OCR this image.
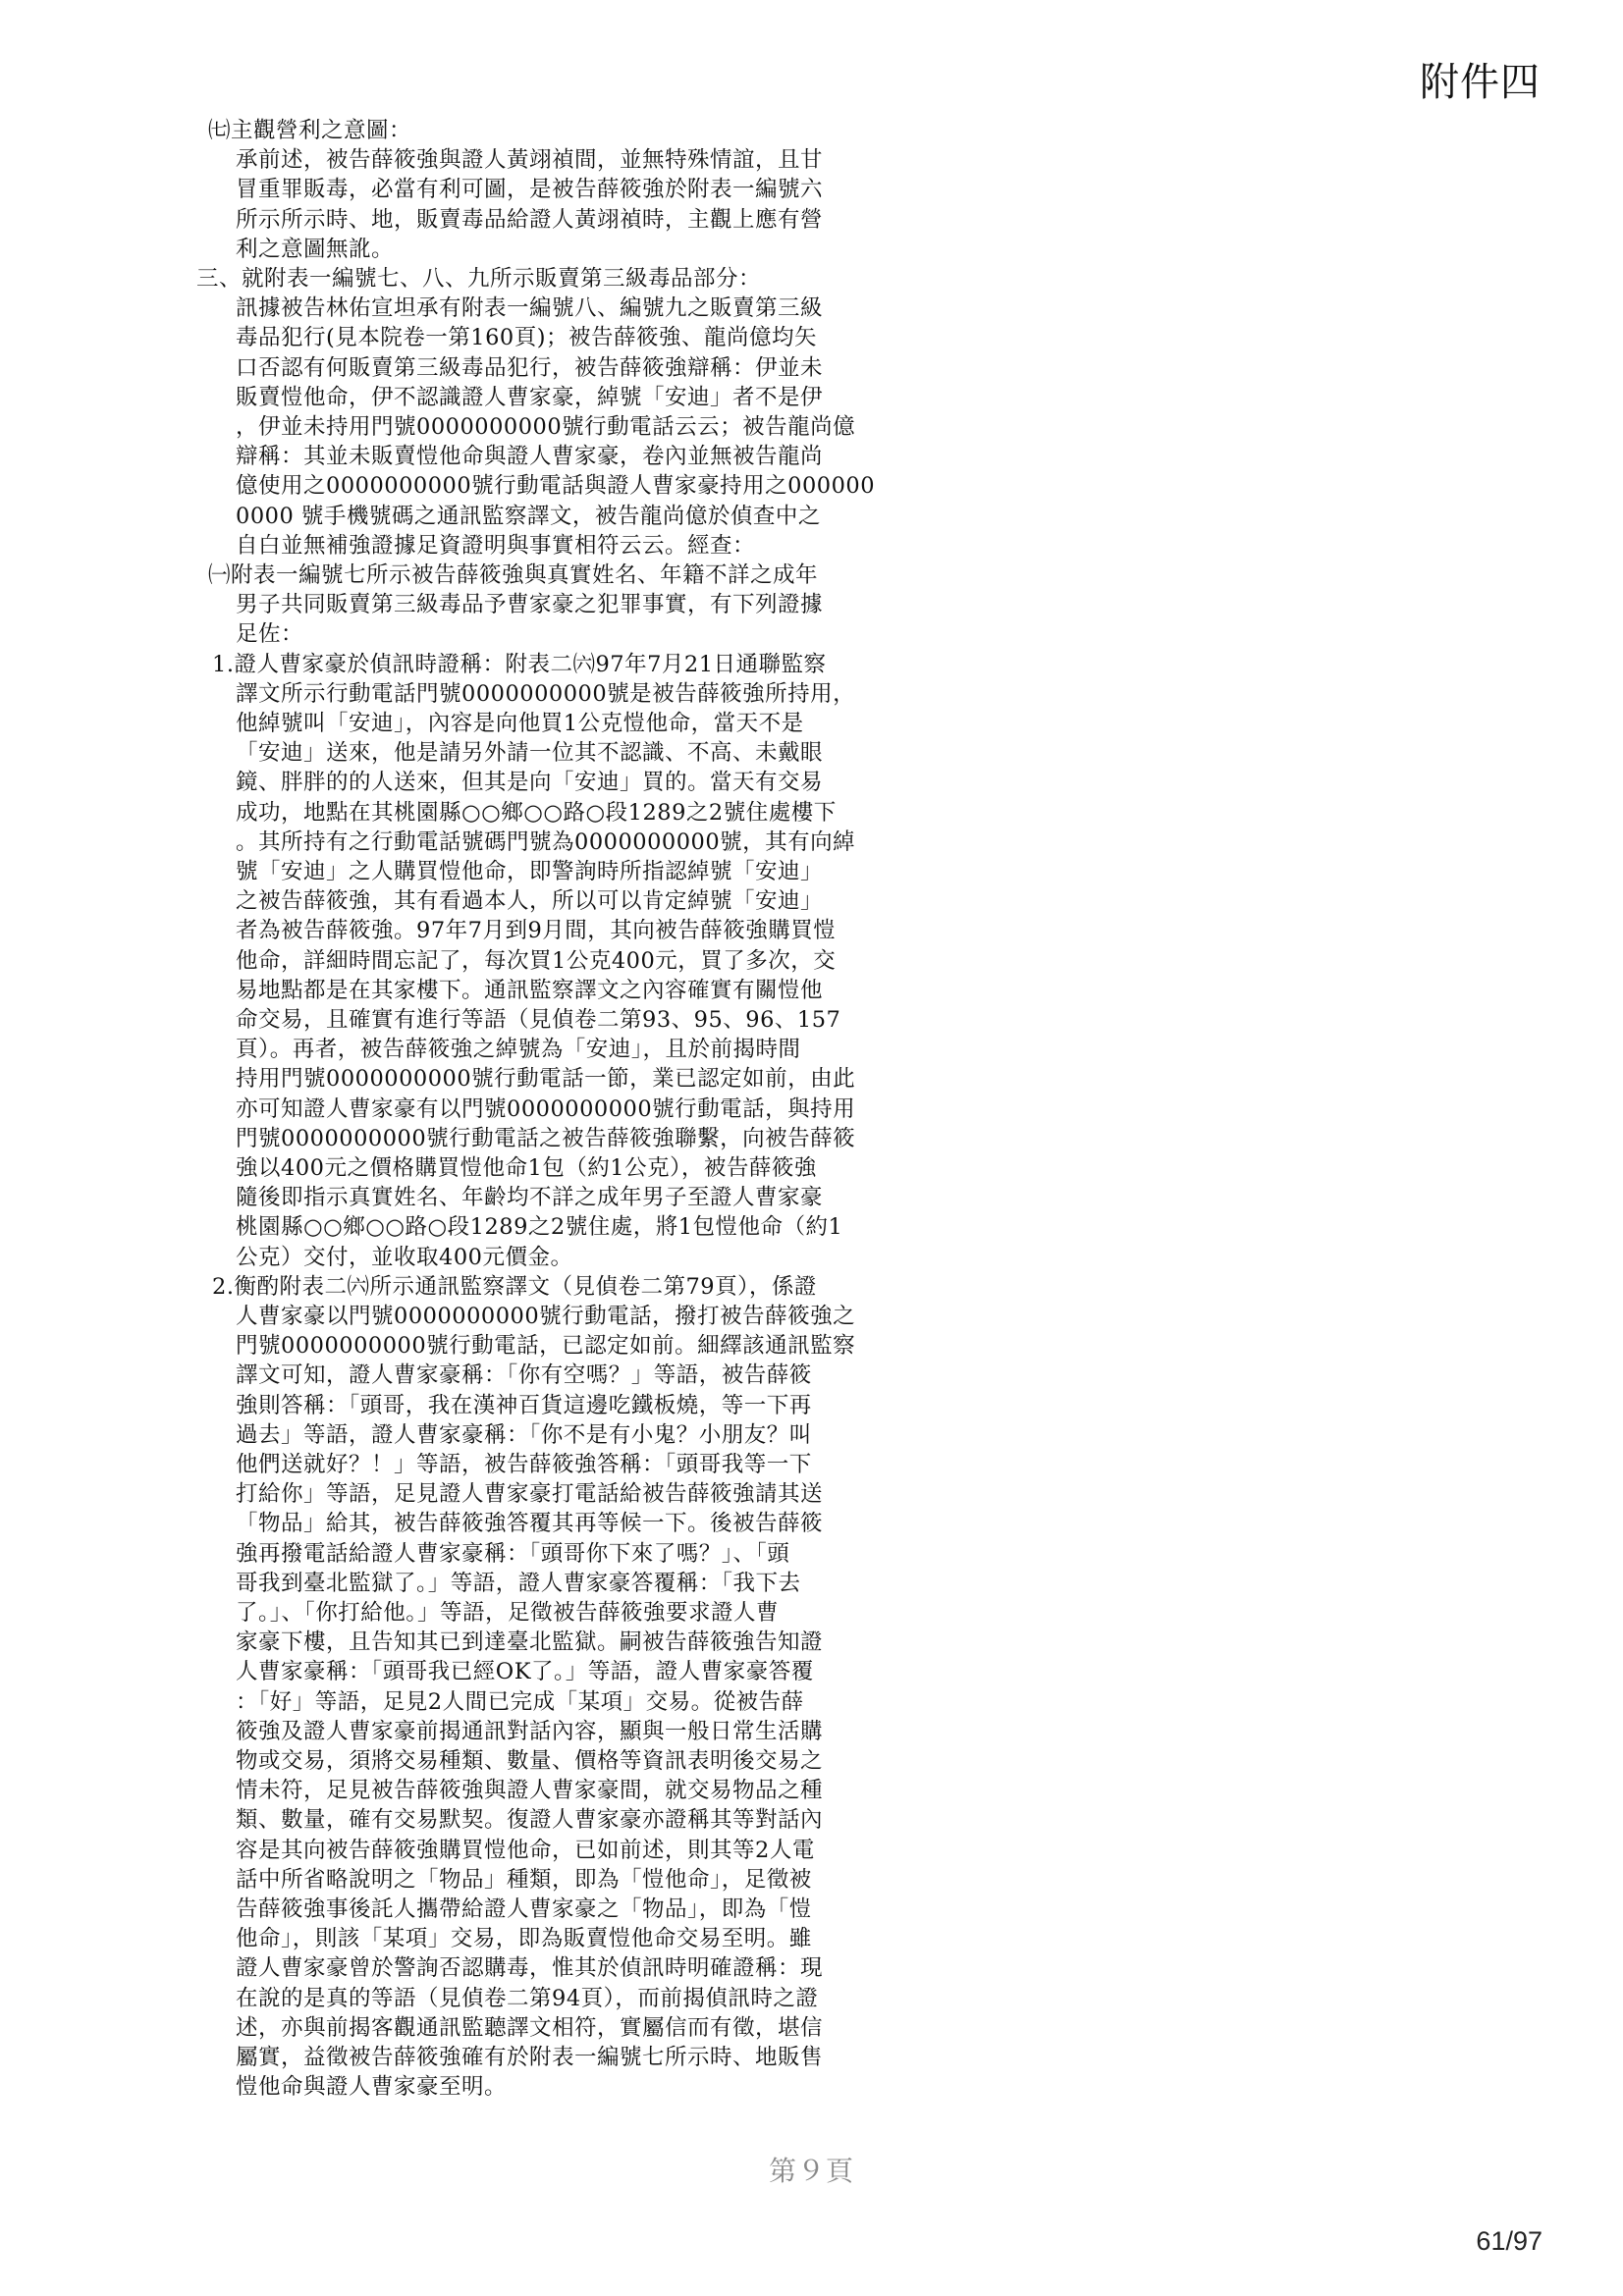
附件四
㈦主觀營利之意圖：
承前述，被告薛筱強與證人黃翊禎間，並無特殊情誼，且甘
冒重罪販毒，必當有利可圖，是被告薛筱強於附表一編號六
所示所示時、地，販賣毒品給證人黃翊禎時，主觀上應有營
利之意圖無訛。
三、就附表一編號七、八、九所示販賣第三級毒品部分：
訊據被告林佑宣坦承有附表一編號八、編號九之販賣第三級
毒品犯行(見本院卷一第160頁)；被告薛筱強、龍尚億均矢
口否認有何販賣第三級毒品犯行，被告薛筱強辯稱：伊並未
販賣愷他命，伊不認識證人曹家豪，綽號「安迪」者不是伊
，伊並未持用門號0000000000號行動電話云云；被告龍尚億
辯稱：其並未販賣愷他命與證人曹家豪，卷內並無被告龍尚
億使用之0000000000號行動電話與證人曹家豪持用之000000
0000 號手機號碼之通訊監察譯文，被告龍尚億於偵查中之
自白並無補強證據足資證明與事實相符云云。經查：
㈠附表一編號七所示被告薛筱強與真實姓名、年籍不詳之成年
男子共同販賣第三級毒品予曹家豪之犯罪事實，有下列證據
足佐：
1.證人曹家豪於偵訊時證稱：附表二㈥97年7月21日通聯監察
譯文所示行動電話門號0000000000號是被告薛筱強所持用，
他綽號叫「安迪」，內容是向他買1公克愷他命，當天不是
「安迪」送來，他是請另外請一位其不認識、不高、未戴眼
鏡、胖胖的的人送來，但其是向「安迪」買的。當天有交易
成功，地點在其桃園縣○○鄉○○路○段1289之2號住處樓下
。其所持有之行動電話號碼門號為0000000000號，其有向綽
號「安迪」之人購買愷他命，即警詢時所指認綽號「安迪」
之被告薛筱強，其有看過本人，所以可以肯定綽號「安迪」
者為被告薛筱強。97年7月到9月間，其向被告薛筱強購買愷
他命，詳細時間忘記了，每次買1公克400元，買了多次，交
易地點都是在其家樓下。通訊監察譯文之內容確實有關愷他
命交易，且確實有進行等語（見偵卷二第93、95、96、157
頁）。再者，被告薛筱強之綽號為「安迪」，且於前揭時間
持用門號0000000000號行動電話一節，業已認定如前，由此
亦可知證人曹家豪有以門號0000000000號行動電話，與持用
門號0000000000號行動電話之被告薛筱強聯繫，向被告薛筱
強以400元之價格購買愷他命1包（約1公克），被告薛筱強
隨後即指示真實姓名、年齡均不詳之成年男子至證人曹家豪
桃園縣○○鄉○○路○段1289之2號住處，將1包愷他命（約1
公克）交付，並收取400元價金。
2.衡酌附表二㈥所示通訊監察譯文（見偵卷二第79頁），係證
人曹家豪以門號0000000000號行動電話，撥打被告薛筱強之
門號0000000000號行動電話，已認定如前。細繹該通訊監察
譯文可知，證人曹家豪稱：「你有空嗎？」等語，被告薛筱
強則答稱：「頭哥，我在漢神百貨這邊吃鐵板燒，等一下再
過去」等語，證人曹家豪稱：「你不是有小鬼？小朋友？叫
他們送就好？！」等語，被告薛筱強答稱：「頭哥我等一下
打給你」等語，足見證人曹家豪打電話給被告薛筱強請其送
「物品」給其，被告薛筱強答覆其再等候一下。後被告薛筱
強再撥電話給證人曹家豪稱：「頭哥你下來了嗎？」、「頭
哥我到臺北監獄了。」等語，證人曹家豪答覆稱：「我下去
了。」、「你打給他。」等語，足徵被告薛筱強要求證人曹
家豪下樓，且告知其已到達臺北監獄。嗣被告薛筱強告知證
人曹家豪稱：「頭哥我已經OK了。」等語，證人曹家豪答覆
：「好」等語，足見2人間已完成「某項」交易。從被告薛
筱強及證人曹家豪前揭通訊對話內容，顯與一般日常生活購
物或交易，須將交易種類、數量、價格等資訊表明後交易之
情未符，足見被告薛筱強與證人曹家豪間，就交易物品之種
類、數量，確有交易默契。復證人曹家豪亦證稱其等對話內
容是其向被告薛筱強購買愷他命，已如前述，則其等2人電
話中所省略說明之「物品」種類，即為「愷他命」，足徵被
告薛筱強事後託人攜帶給證人曹家豪之「物品」，即為「愷
他命」，則該「某項」交易，即為販賣愷他命交易至明。雖
證人曹家豪曾於警詢否認購毒，惟其於偵訊時明確證稱：現
在說的是真的等語（見偵卷二第94頁），而前揭偵訊時之證
述，亦與前揭客觀通訊監聽譯文相符，實屬信而有徵，堪信
屬實，益徵被告薛筱強確有於附表一編號七所示時、地販售
愷他命與證人曹家豪至明。
第９頁
61/97
